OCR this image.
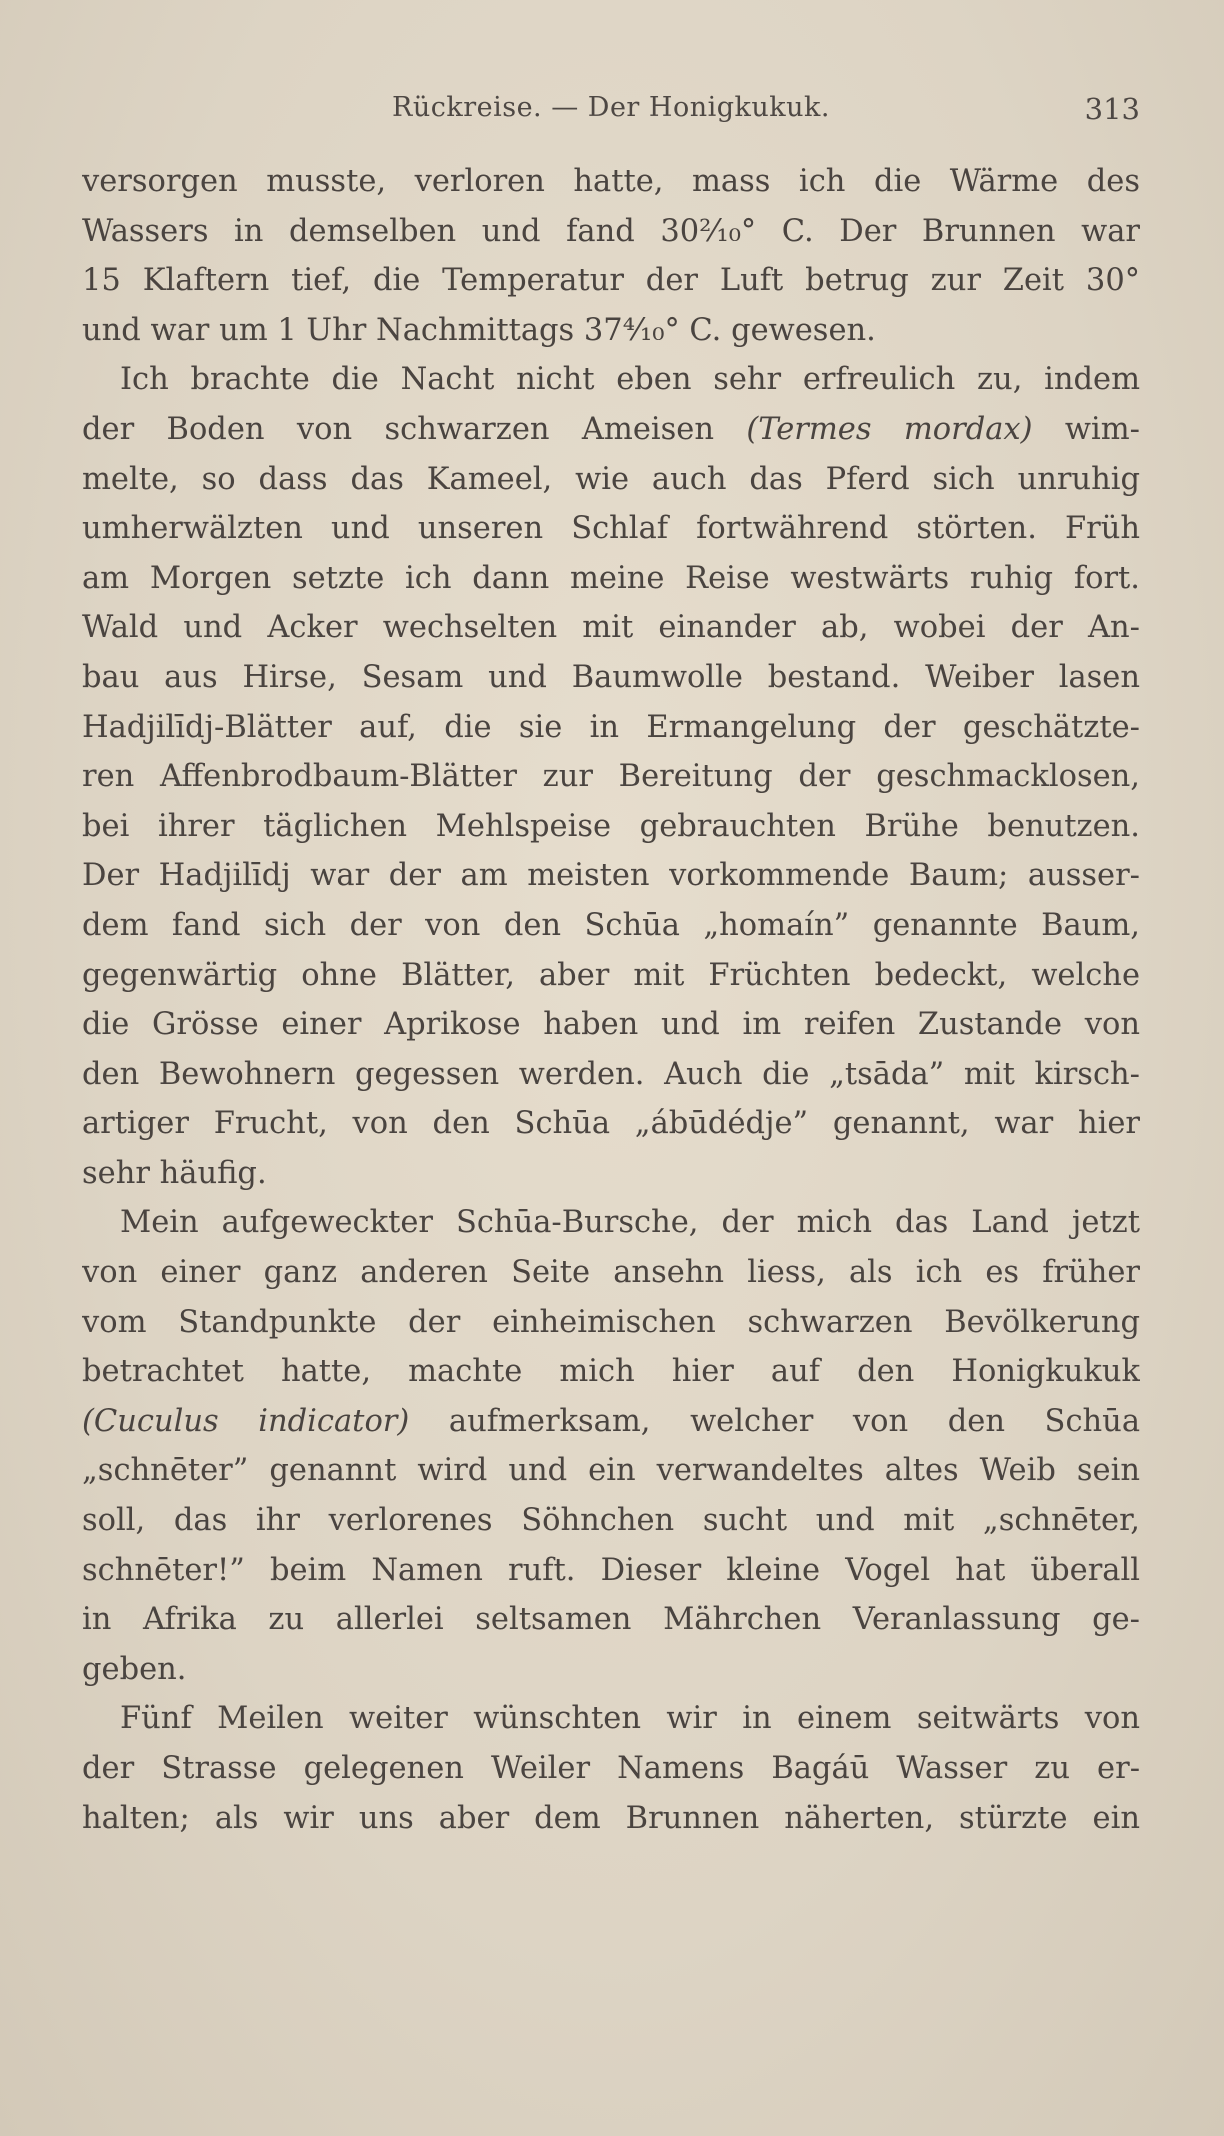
Rückreise. — Der Honigkukuk.	313
versorgen musste, verloren hatte, mass ich die Wärme des
Wassers in demselben und fand 30²⁄₁₀° C. Der Brunnen war
15 Klaftern tief, die Temperatur der Luft betrug zur Zeit 30°
und war um 1 Uhr Nachmittags 37⁴⁄₁₀° C. gewesen.
Ich brachte die Nacht nicht eben sehr erfreulich zu, indem
der Boden von schwarzen Ameisen (Termes mordax) wim-
melte, so dass das Kameel, wie auch das Pferd sich unruhig
umherwälzten und unseren Schlaf fortwährend störten. Früh
am Morgen setzte ich dann meine Reise westwärts ruhig fort.
Wald und Acker wechselten mit einander ab, wobei der An-
bau aus Hirse, Sesam und Baumwolle bestand. Weiber lasen
Hadjilīdj-Blätter auf, die sie in Ermangelung der geschätzte-
ren Affenbrodbaum-Blätter zur Bereitung der geschmacklosen,
bei ihrer täglichen Mehlspeise gebrauchten Brühe benutzen.
Der Hadjilīdj war der am meisten vorkommende Baum; ausser-
dem fand sich der von den Schūa „homaín” genannte Baum,
gegenwärtig ohne Blätter, aber mit Früchten bedeckt, welche
die Grösse einer Aprikose haben und im reifen Zustande von
den Bewohnern gegessen werden. Auch die „tsāda” mit kirsch-
artiger Frucht, von den Schūa „ábūdédje” genannt, war hier
sehr häufig.
Mein aufgeweckter Schūa-Bursche, der mich das Land jetzt
von einer ganz anderen Seite ansehn liess, als ich es früher
vom Standpunkte der einheimischen schwarzen Bevölkerung
betrachtet hatte, machte mich hier auf den Honigkukuk
(Cuculus indicator) aufmerksam, welcher von den Schūa
„schnēter” genannt wird und ein verwandeltes altes Weib sein
soll, das ihr verlorenes Söhnchen sucht und mit „schnēter,
schnēter!” beim Namen ruft. Dieser kleine Vogel hat überall
in Afrika zu allerlei seltsamen Mährchen Veranlassung ge-
geben.
Fünf Meilen weiter wünschten wir in einem seitwärts von
der Strasse gelegenen Weiler Namens Bagáū Wasser zu er-
halten; als wir uns aber dem Brunnen näherten, stürzte ein
